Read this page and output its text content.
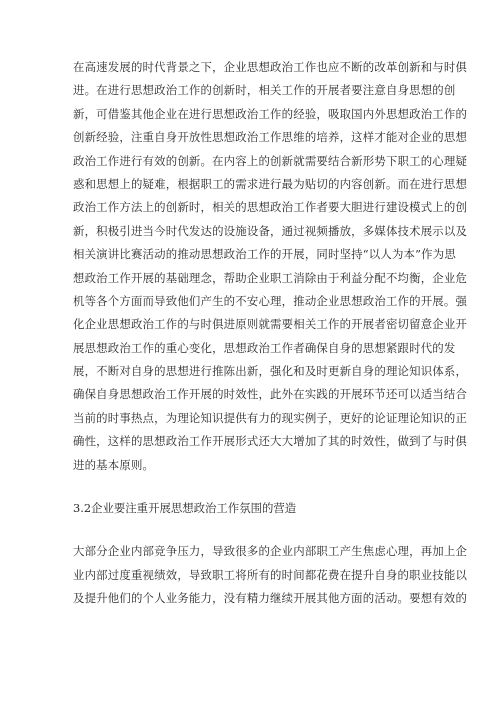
在高速发展的时代背景之下，企业思想政治工作也应不断的改革创新和与时俱
进。在进行思想政治工作的创新时，相关工作的开展者要注意自身思想的创
新，可借鉴其他企业在进行思想政治工作的经验，吸取国内外思想政治工作的
创新经验，注重自身开放性思想政治工作思维的培养，这样才能对企业的思想
政治工作进行有效的创新。在内容上的创新就需要结合新形势下职工的心理疑
惑和思想上的疑难，根据职工的需求进行最为贴切的内容创新。而在进行思想
政治工作方法上的创新时，相关的思想政治工作者要大胆进行建设模式上的创
新，积极引进当今时代发达的设施设备，通过视频播放，多媒体技术展示以及
相关演讲比赛活动的推动思想政治工作的开展，同时坚持“以人为本”作为思
想政治工作开展的基础理念，帮助企业职工消除由于利益分配不均衡，企业危
机等各个方面而导致他们产生的不安心理，推动企业思想政治工作的开展。强
化企业思想政治工作的与时俱进原则就需要相关工作的开展者密切留意企业开
展思想政治工作的重心变化，思想政治工作者确保自身的思想紧跟时代的发
展，不断对自身的思想进行推陈出新，强化和及时更新自身的理论知识体系，
确保自身思想政治工作开展的时效性，此外在实践的开展环节还可以适当结合
当前的时事热点，为理论知识提供有力的现实例子，更好的论证理论知识的正
确性，这样的思想政治工作开展形式还大大增加了其的时效性，做到了与时俱
进的基本原则。
3.2企业要注重开展思想政治工作氛围的营造
大部分企业内部竞争压力，导致很多的企业内部职工产生焦虑心理，再加上企
业内部过度重视绩效，导致职工将所有的时间都花费在提升自身的职业技能以
及提升他们的个人业务能力，没有精力继续开展其他方面的活动。要想有效的
